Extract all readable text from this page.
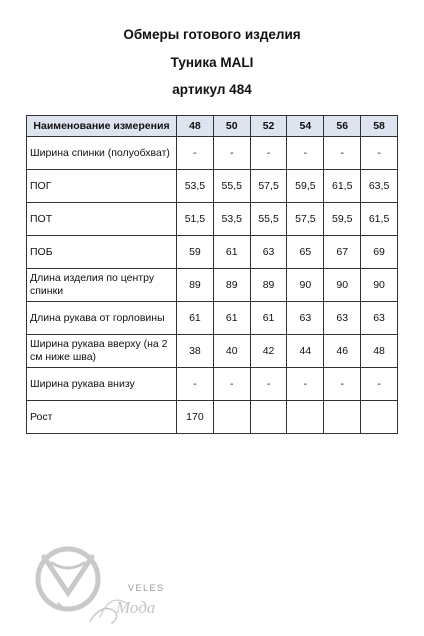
Обмеры готового изделия
Туника MALI
артикул 484
Наименование измерения	48	50	52	54	56	58
Ширина спинки (полуобхват)	-	-	-	-	-	-
ПОГ	53,5	55,5	57,5	59,5	61,5	63,5
ПОТ	51,5	53,5	55,5	57,5	59,5	61,5
ПОБ	59	61	63	65	67	69
Длина изделия по центру спинки	89	89	89	90	90	90
Длина рукава от горловины	61	61	61	63	63	63
Ширина рукава вверху (на 2 см ниже шва)	38	40	42	44	46	48
Ширина рукава внизу	-	-	-	-	-	-
Рост	170					
VELES
Мода
